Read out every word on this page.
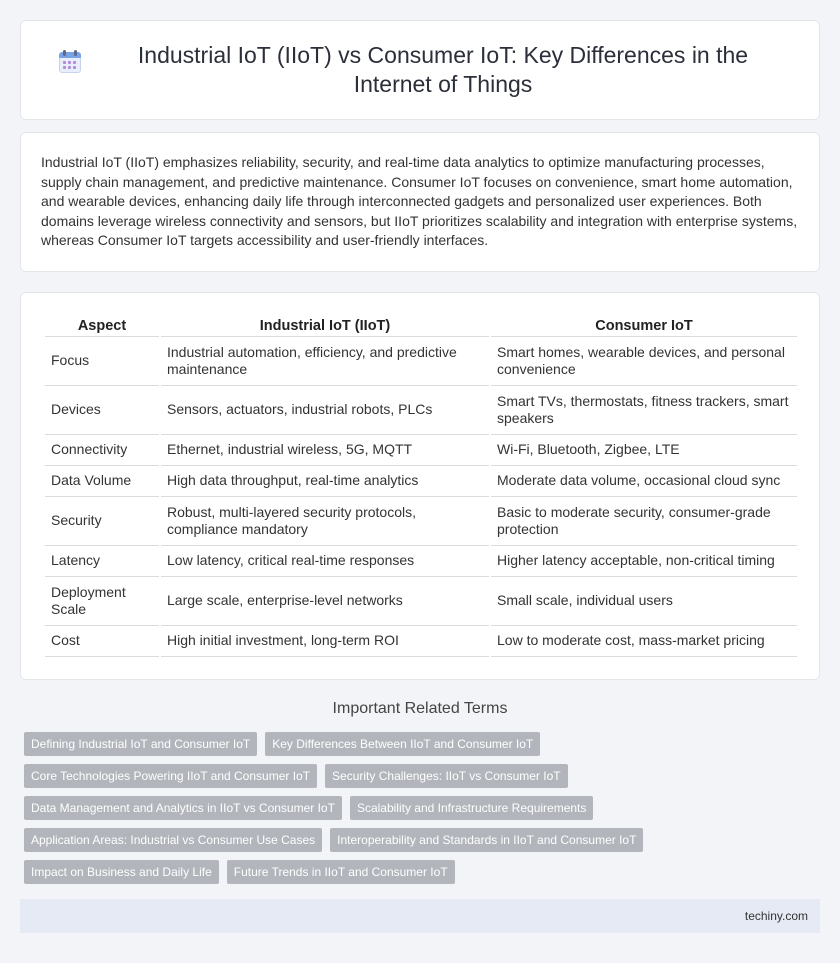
Industrial IoT (IIoT) vs Consumer IoT: Key Differences in the Internet of Things

Industrial IoT (IIoT) emphasizes reliability, security, and real-time data analytics to optimize manufacturing processes, supply chain management, and predictive maintenance. Consumer IoT focuses on convenience, smart home automation, and wearable devices, enhancing daily life through interconnected gadgets and personalized user experiences. Both domains leverage wireless connectivity and sensors, but IIoT prioritizes scalability and integration with enterprise systems, whereas Consumer IoT targets accessibility and user-friendly interfaces.

Aspect	Industrial IoT (IIoT)	Consumer IoT
Focus	Industrial automation, efficiency, and predictive maintenance	Smart homes, wearable devices, and personal convenience
Devices	Sensors, actuators, industrial robots, PLCs	Smart TVs, thermostats, fitness trackers, smart speakers
Connectivity	Ethernet, industrial wireless, 5G, MQTT	Wi-Fi, Bluetooth, Zigbee, LTE
Data Volume	High data throughput, real-time analytics	Moderate data volume, occasional cloud sync
Security	Robust, multi-layered security protocols, compliance mandatory	Basic to moderate security, consumer-grade protection
Latency	Low latency, critical real-time responses	Higher latency acceptable, non-critical timing
Deployment Scale	Large scale, enterprise-level networks	Small scale, individual users
Cost	High initial investment, long-term ROI	Low to moderate cost, mass-market pricing
Important Related Terms
Defining Industrial IoT and Consumer IoT	Key Differences Between IIoT and Consumer IoT
Core Technologies Powering IIoT and Consumer IoT	Security Challenges: IIoT vs Consumer IoT
Data Management and Analytics in IIoT vs Consumer IoT	Scalability and Infrastructure Requirements
Application Areas: Industrial vs Consumer Use Cases	Interoperability and Standards in IIoT and Consumer IoT
Impact on Business and Daily Life	Future Trends in IIoT and Consumer IoT
techiny.com
